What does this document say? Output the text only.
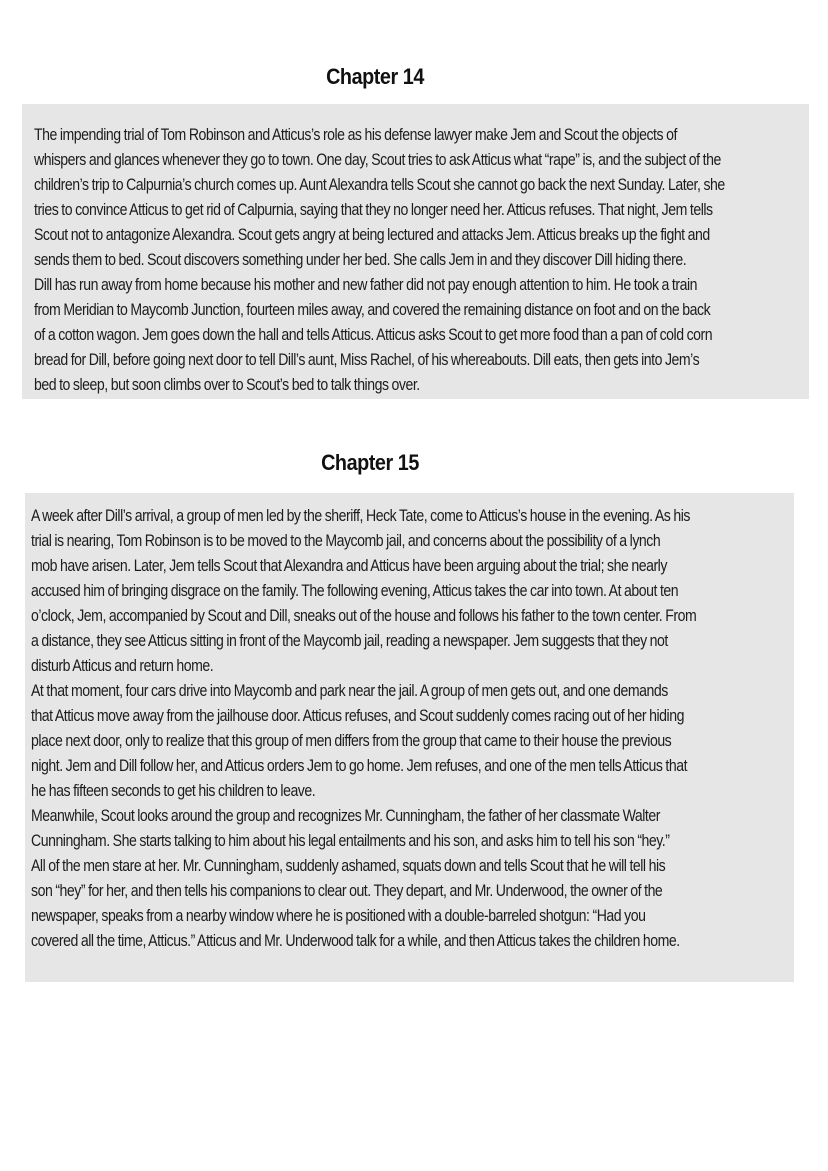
Chapter 14

The impending trial of Tom Robinson and Atticus’s role as his defense lawyer make Jem and Scout the objects of
whispers and glances whenever they go to town. One day, Scout tries to ask Atticus what “rape” is, and the subject of the
children’s trip to Calpurnia’s church comes up. Aunt Alexandra tells Scout she cannot go back the next Sunday. Later, she
tries to convince Atticus to get rid of Calpurnia, saying that they no longer need her. Atticus refuses. That night, Jem tells
Scout not to antagonize Alexandra. Scout gets angry at being lectured and attacks Jem. Atticus breaks up the fight and
sends them to bed. Scout discovers something under her bed. She calls Jem in and they discover Dill hiding there.
Dill has run away from home because his mother and new father did not pay enough attention to him. He took a train
from Meridian to Maycomb Junction, fourteen miles away, and covered the remaining distance on foot and on the back
of a cotton wagon. Jem goes down the hall and tells Atticus. Atticus asks Scout to get more food than a pan of cold corn
bread for Dill, before going next door to tell Dill’s aunt, Miss Rachel, of his whereabouts. Dill eats, then gets into Jem’s
bed to sleep, but soon climbs over to Scout’s bed to talk things over.

Chapter 15

A week after Dill’s arrival, a group of men led by the sheriff, Heck Tate, come to Atticus’s house in the evening. As his
trial is nearing, Tom Robinson is to be moved to the Maycomb jail, and concerns about the possibility of a lynch
mob have arisen. Later, Jem tells Scout that Alexandra and Atticus have been arguing about the trial; she nearly
accused him of bringing disgrace on the family. The following evening, Atticus takes the car into town. At about ten
o’clock, Jem, accompanied by Scout and Dill, sneaks out of the house and follows his father to the town center. From
a distance, they see Atticus sitting in front of the Maycomb jail, reading a newspaper. Jem suggests that they not
disturb Atticus and return home.
At that moment, four cars drive into Maycomb and park near the jail. A group of men gets out, and one demands
that Atticus move away from the jailhouse door. Atticus refuses, and Scout suddenly comes racing out of her hiding
place next door, only to realize that this group of men differs from the group that came to their house the previous
night. Jem and Dill follow her, and Atticus orders Jem to go home. Jem refuses, and one of the men tells Atticus that
he has fifteen seconds to get his children to leave.
Meanwhile, Scout looks around the group and recognizes Mr. Cunningham, the father of her classmate Walter
Cunningham. She starts talking to him about his legal entailments and his son, and asks him to tell his son “hey.”
All of the men stare at her. Mr. Cunningham, suddenly ashamed, squats down and tells Scout that he will tell his
son “hey” for her, and then tells his companions to clear out. They depart, and Mr. Underwood, the owner of the
newspaper, speaks from a nearby window where he is positioned with a double-barreled shotgun: “Had you
covered all the time, Atticus.” Atticus and Mr. Underwood talk for a while, and then Atticus takes the children home.
